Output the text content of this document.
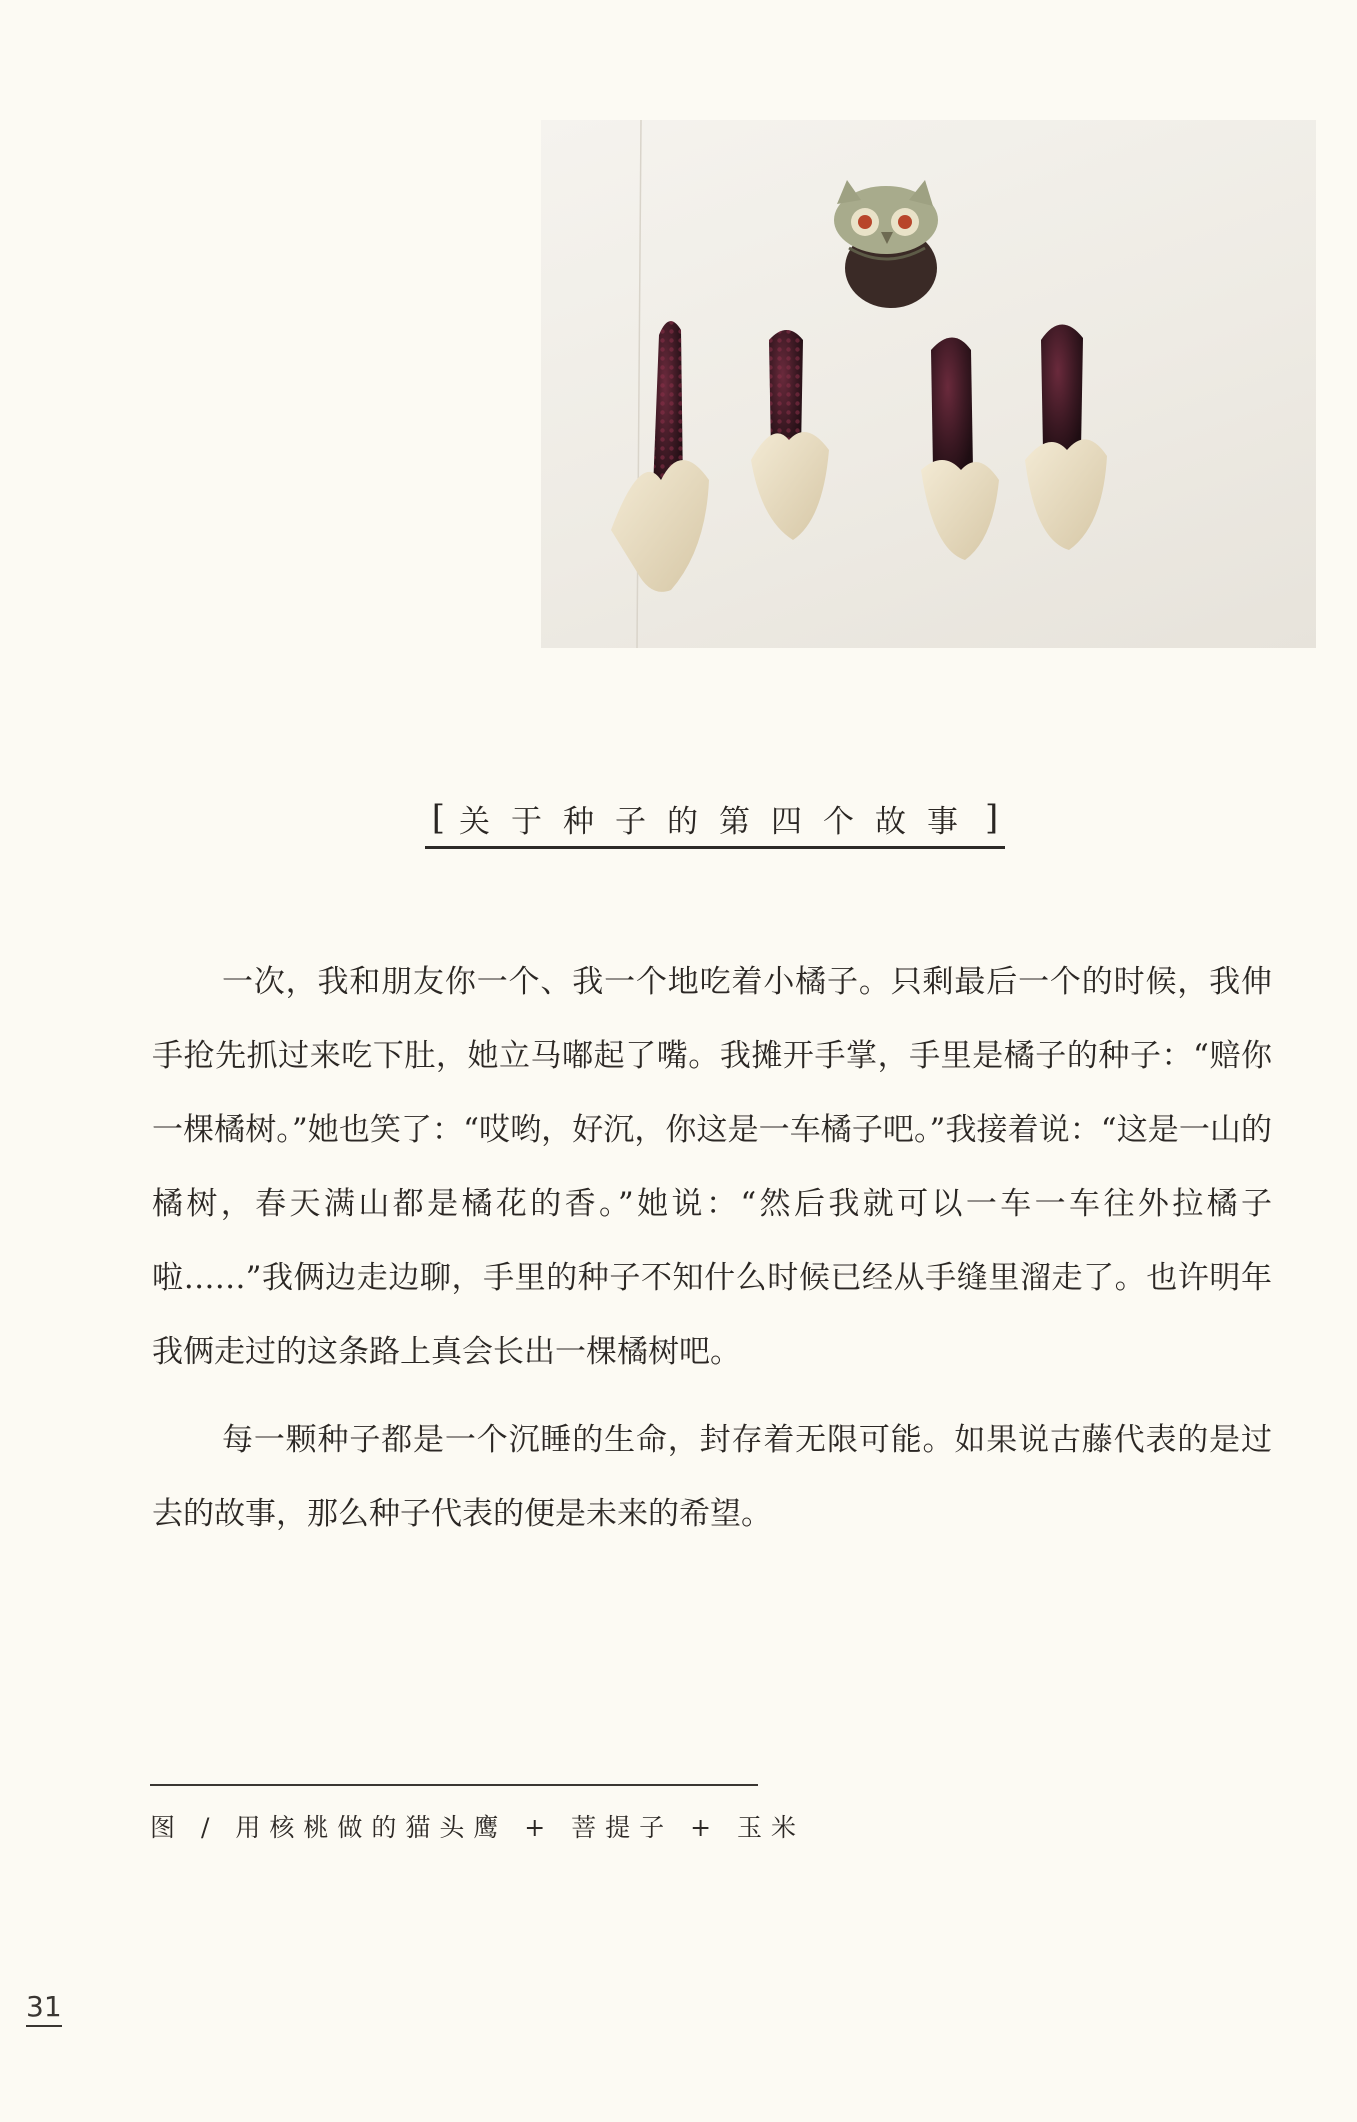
[ 关于种子的第四个故事 ]

一次，我和朋友你一个、我一个地吃着小橘子。只剩最后一个的时候，我伸手抢先抓过来吃下肚，她立马嘟起了嘴。我摊开手掌，手里是橘子的种子：“赔你一棵橘树。”她也笑了：“哎哟，好沉，你这是一车橘子吧。”我接着说：“这是一山的橘树，春天满山都是橘花的香。”她说：“然后我就可以一车一车往外拉橘子啦……”我俩边走边聊，手里的种子不知什么时候已经从手缝里溜走了。也许明年我俩走过的这条路上真会长出一棵橘树吧。

每一颗种子都是一个沉睡的生命，封存着无限可能。如果说古藤代表的是过去的故事，那么种子代表的便是未来的希望。

图 / 用核桃做的猫头鹰 + 菩提子 + 玉米
31
